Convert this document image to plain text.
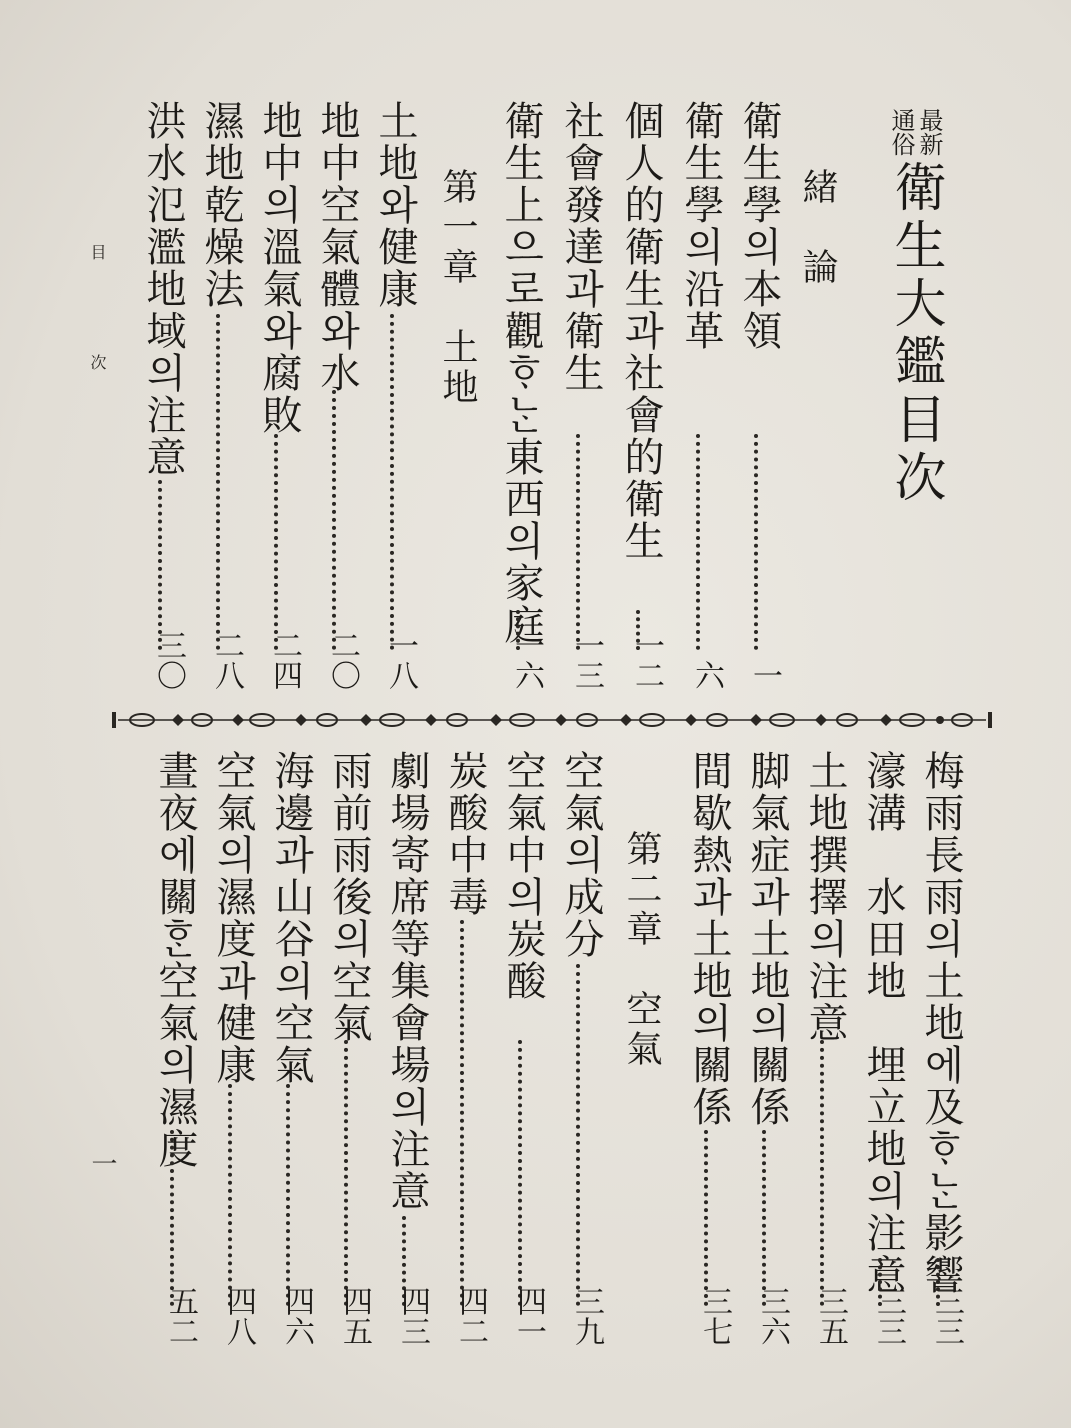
最新
通俗
衛生大鑑目次
緒　論
衛生學의本領
一
衛生學의沿革
六
個人的衛生과社會的衛生
一二
社會發達과衛生
一三
衛生上으로觀ᄒᆞᄂᆞᆫ東西의家庭
一六
第一章　土地
土地와健康
一八
地中空氣體와水
二〇
地中의溫氣와腐敗
二四
濕地乾燥法
二八
洪水氾濫地域의注意
三〇
目
次
一	梅雨長雨의土地에及ᄒᆞᄂᆞᆫ影響
三三
濠溝　水田地　埋立地의注意
三三
土地撰擇의注意
三五
脚氣症과土地의關係
三六
間歇熱과土地의關係
三七
第二章　空氣
空氣의成分
三九
空氣中의炭酸
四一
炭酸中毒
四二
劇場寄席等集會場의注意
四三
雨前雨後의空氣
四五
海邊과山谷의空氣
四六
空氣의濕度과健康
四八
晝夜에關ᄒᆞᆫ空氣의濕度
五二
